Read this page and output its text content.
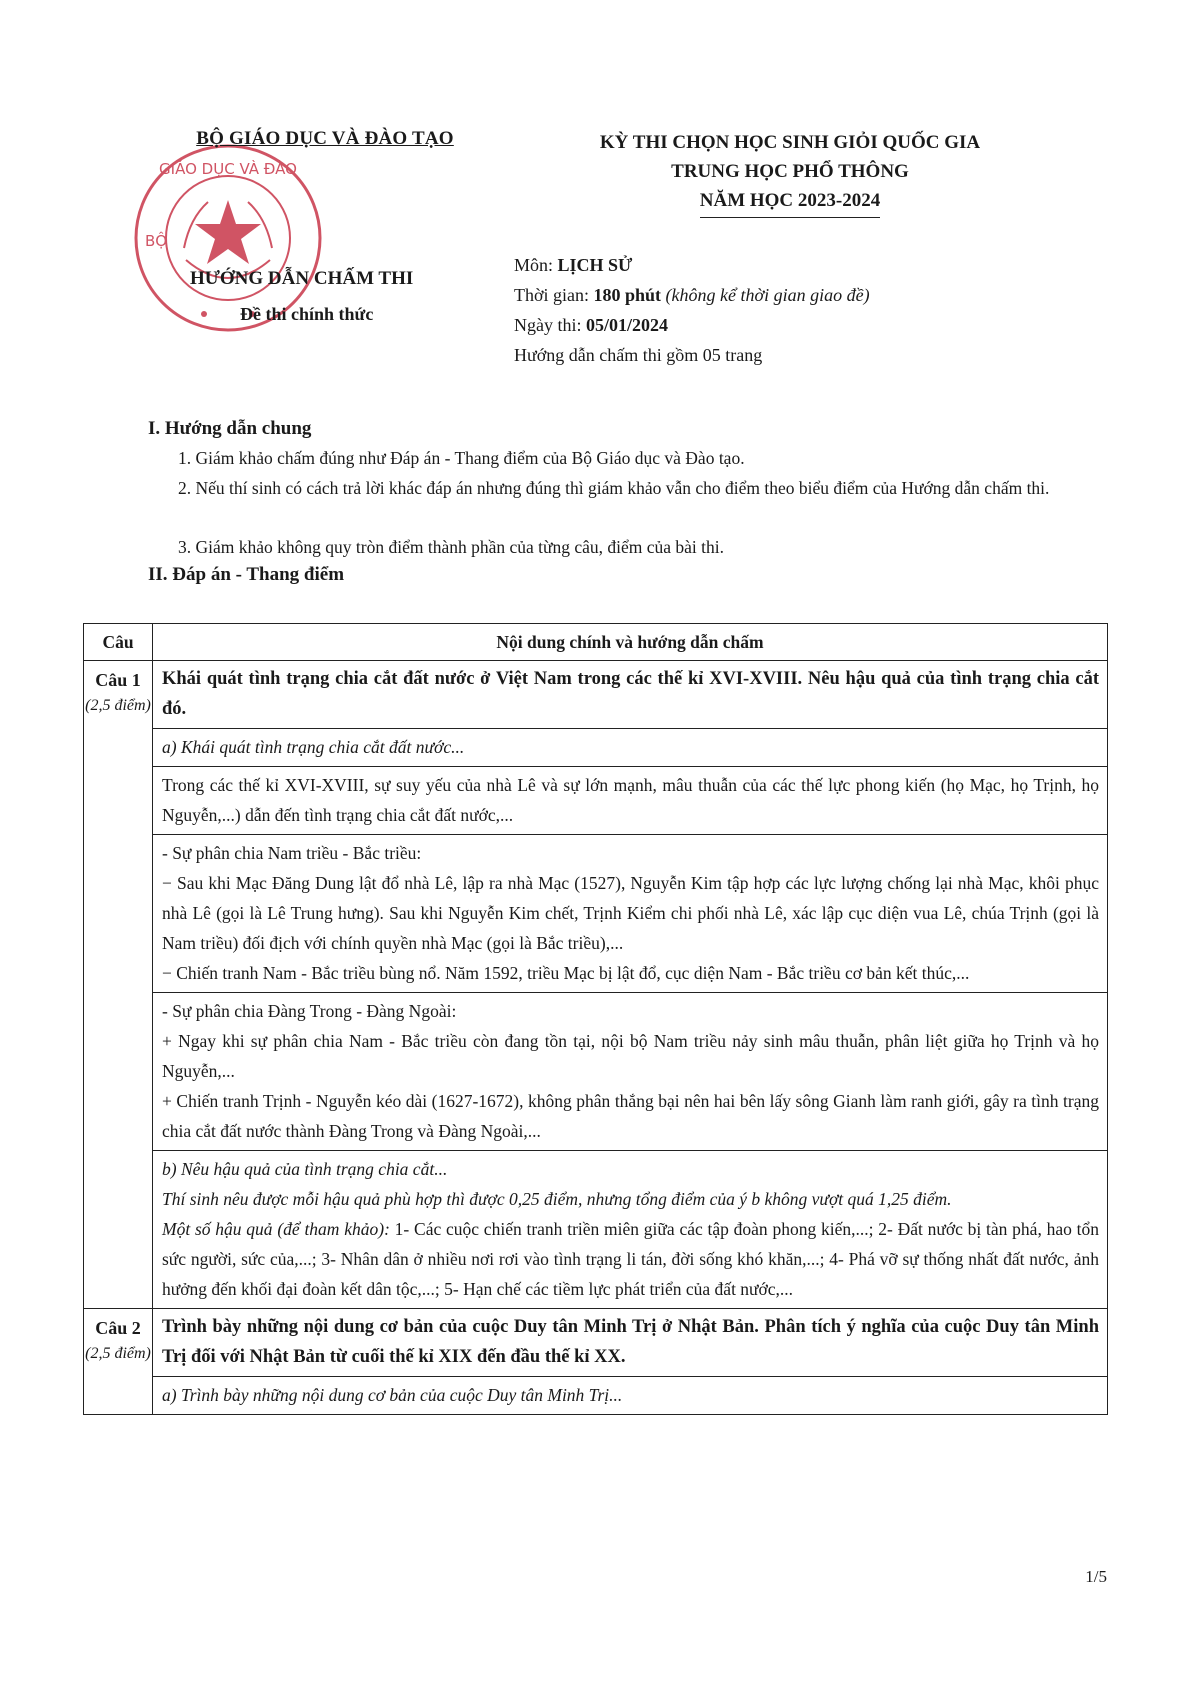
GIÁO DỤC VÀ ĐÀO
BỘ
BỘ GIÁO DỤC VÀ ĐÀO TẠO
HƯỚNG DẪN CHẤM THI
Đề thi chính thức
KỲ THI CHỌN HỌC SINH GIỎI QUỐC GIA
TRUNG HỌC PHỔ THÔNG
NĂM HỌC 2023-2024
Môn: LỊCH SỬ
Thời gian: 180 phút (không kể thời gian giao đề)
Ngày thi: 05/01/2024
Hướng dẫn chấm thi gồm 05 trang
I. Hướng dẫn chung
1. Giám khảo chấm đúng như Đáp án - Thang điểm của Bộ Giáo dục và Đào tạo.
2. Nếu thí sinh có cách trả lời khác đáp án nhưng đúng thì giám khảo vẫn cho điểm theo biểu điểm của Hướng dẫn chấm thi.
3. Giám khảo không quy tròn điểm thành phần của từng câu, điểm của bài thi.
II. Đáp án - Thang điểm
Câu	Nội dung chính và hướng dẫn chấm

Câu 1
(2,5 điểm)	Khái quát tình trạng chia cắt đất nước ở Việt Nam trong các thế kỉ XVI-XVIII. Nêu hậu quả của tình trạng chia cắt đó.
	a) Khái quát tình trạng chia cắt đất nước...
	Trong các thế kỉ XVI-XVIII, sự suy yếu của nhà Lê và sự lớn mạnh, mâu thuẫn của các thế lực phong kiến (họ Mạc, họ Trịnh, họ Nguyễn,...) dẫn đến tình trạng chia cắt đất nước,...

	- Sự phân chia Nam triều - Bắc triều:
− Sau khi Mạc Đăng Dung lật đổ nhà Lê, lập ra nhà Mạc (1527), Nguyễn Kim tập hợp các lực lượng chống lại nhà Mạc, khôi phục nhà Lê (gọi là Lê Trung hưng). Sau khi Nguyễn Kim chết, Trịnh Kiểm chi phối nhà Lê, xác lập cục diện vua Lê, chúa Trịnh (gọi là Nam triều) đối địch với chính quyền nhà Mạc (gọi là Bắc triều),...
− Chiến tranh Nam - Bắc triều bùng nổ. Năm 1592, triều Mạc bị lật đổ, cục diện Nam - Bắc triều cơ bản kết thúc,...

	- Sự phân chia Đàng Trong - Đàng Ngoài:
+ Ngay khi sự phân chia Nam - Bắc triều còn đang tồn tại, nội bộ Nam triều nảy sinh mâu thuẫn, phân liệt giữa họ Trịnh và họ Nguyễn,...
+ Chiến tranh Trịnh - Nguyễn kéo dài (1627-1672), không phân thắng bại nên hai bên lấy sông Gianh làm ranh giới, gây ra tình trạng chia cắt đất nước thành Đàng Trong và Đàng Ngoài,...

	b) Nêu hậu quả của tình trạng chia cắt...
Thí sinh nêu được mỗi hậu quả phù hợp thì được 0,25 điểm, nhưng tổng điểm của ý b không vượt quá 1,25 điểm.
Một số hậu quả (để tham khảo): 1- Các cuộc chiến tranh triền miên giữa các tập đoàn phong kiến,...; 2- Đất nước bị tàn phá, hao tổn sức người, sức của,...; 3- Nhân dân ở nhiều nơi rơi vào tình trạng li tán, đời sống khó khăn,...; 4- Phá vỡ sự thống nhất đất nước, ảnh hưởng đến khối đại đoàn kết dân tộc,...; 5- Hạn chế các tiềm lực phát triển của đất nước,...

Câu 2
(2,5 điểm)	Trình bày những nội dung cơ bản của cuộc Duy tân Minh Trị ở Nhật Bản. Phân tích ý nghĩa của cuộc Duy tân Minh Trị đối với Nhật Bản từ cuối thế kỉ XIX đến đầu thế kỉ XX.
	a) Trình bày những nội dung cơ bản của cuộc Duy tân Minh Trị...
1/5
